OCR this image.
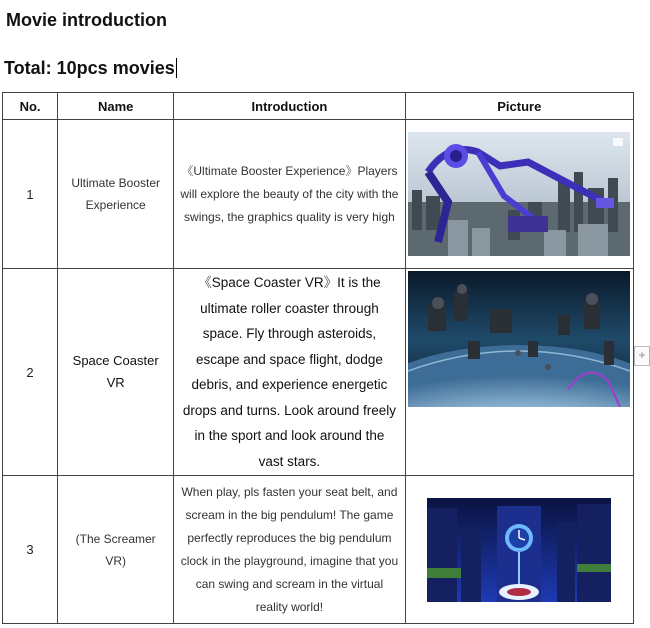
Movie introduction
Total: 10pcs movies
No.	Name	Introduction	Picture
1	Ultimate Booster Experience	《Ultimate Booster Experience》Players will explore the beauty of the city with the swings, the graphics quality is very high

2	Space Coaster VR	《Space Coaster VR》It is the ultimate roller coaster through space. Fly through asteroids, escape and space flight, dodge debris, and experience energetic drops and turns. Look around freely in the sport and look around the vast stars.

3	(The Screamer VR)	When play, pls fasten your seat belt, and scream in the big pendulum! The game perfectly reproduces the big pendulum clock in the playground, imagine that you can swing and scream in the virtual reality world!

+
